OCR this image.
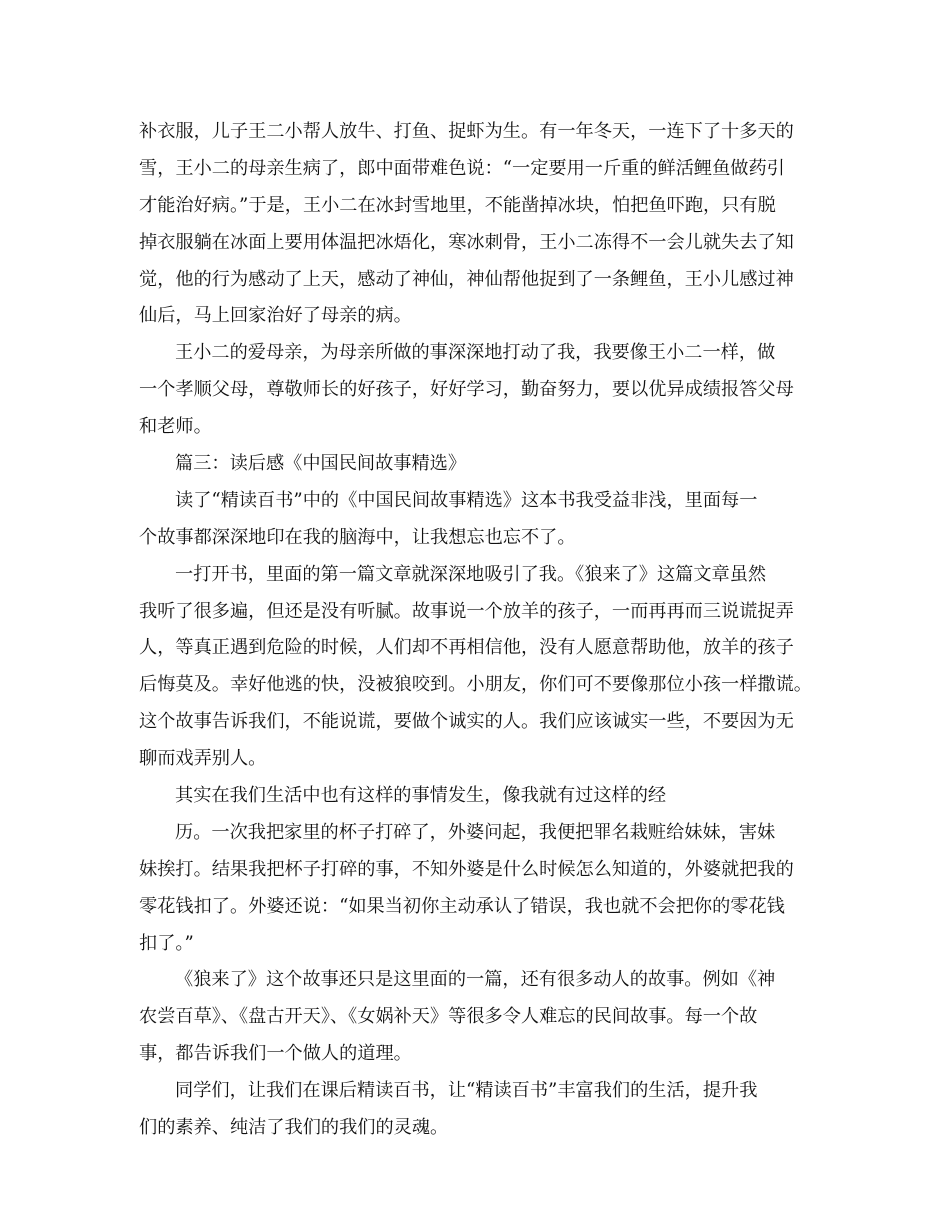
补衣服，儿子王二小帮人放牛、打鱼、捉虾为生。有一年冬天，一连下了十多天的
雪，王小二的母亲生病了，郎中面带难色说：“一定要用一斤重的鲜活鲤鱼做药引
才能治好病。”于是，王小二在冰封雪地里，不能凿掉冰块，怕把鱼吓跑，只有脱
掉衣服躺在冰面上要用体温把冰焐化，寒冰刺骨，王小二冻得不一会儿就失去了知
觉，他的行为感动了上天，感动了神仙，神仙帮他捉到了一条鲤鱼，王小儿感过神
仙后，马上回家治好了母亲的病。
王小二的爱母亲，为母亲所做的事深深地打动了我，我要像王小二一样，做
一个孝顺父母，尊敬师长的好孩子，好好学习，勤奋努力，要以优异成绩报答父母
和老师。
篇三：读后感《中国民间故事精选》
读了“精读百书”中的《中国民间故事精选》这本书我受益非浅，里面每一
个故事都深深地印在我的脑海中，让我想忘也忘不了。
一打开书，里面的第一篇文章就深深地吸引了我。《狼来了》这篇文章虽然
我听了很多遍，但还是没有听腻。故事说一个放羊的孩子，一而再再而三说谎捉弄
人，等真正遇到危险的时候，人们却不再相信他，没有人愿意帮助他，放羊的孩子
后悔莫及。幸好他逃的快，没被狼咬到。小朋友，你们可不要像那位小孩一样撒谎。
这个故事告诉我们，不能说谎，要做个诚实的人。我们应该诚实一些，不要因为无
聊而戏弄别人。
其实在我们生活中也有这样的事情发生，像我就有过这样的经
历。一次我把家里的杯子打碎了，外婆问起，我便把罪名栽赃给妹妹，害妹
妹挨打。结果我把杯子打碎的事，不知外婆是什么时候怎么知道的，外婆就把我的
零花钱扣了。外婆还说：“如果当初你主动承认了错误，我也就不会把你的零花钱
扣了。”
《狼来了》这个故事还只是这里面的一篇，还有很多动人的故事。例如《神
农尝百草》、《盘古开天》、《女娲补天》等很多令人难忘的民间故事。每一个故
事，都告诉我们一个做人的道理。
同学们，让我们在课后精读百书，让“精读百书”丰富我们的生活，提升我
们的素养、纯洁了我们的我们的灵魂。
